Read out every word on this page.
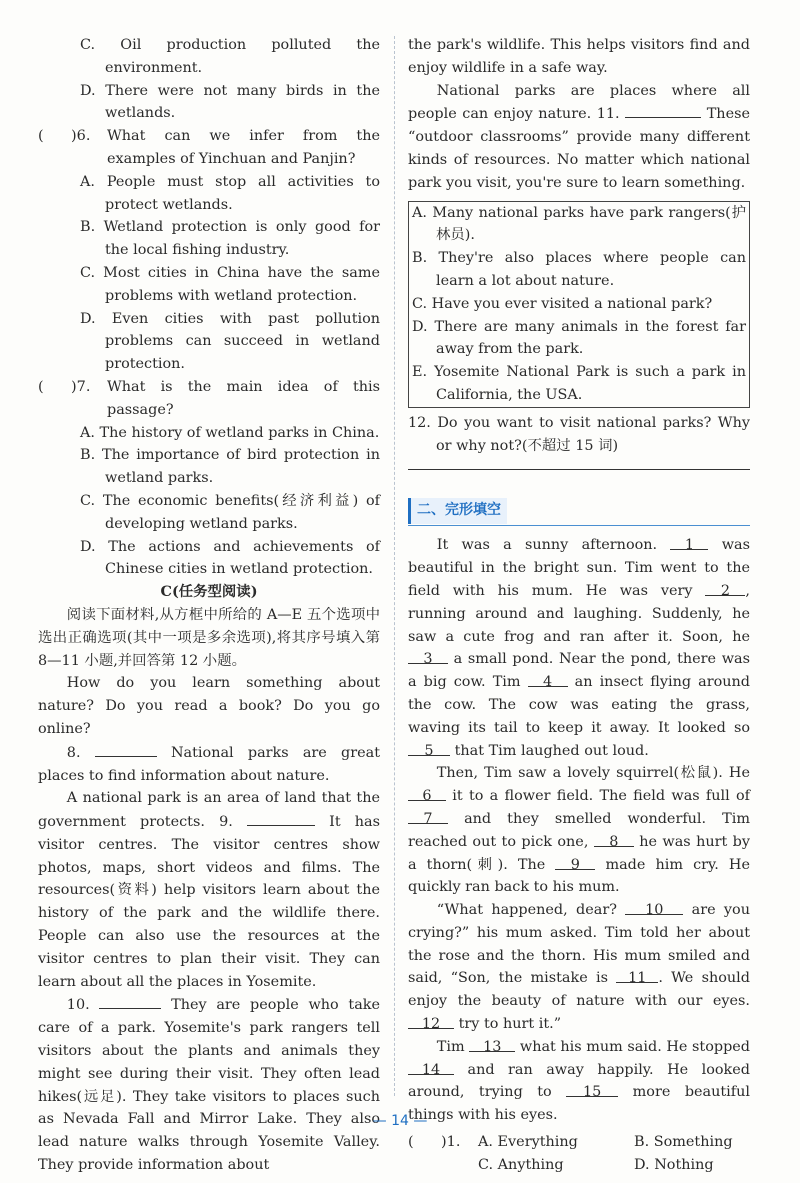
C. Oil production polluted the environment.
D. There were not many birds in the wetlands.
(      )6.	What can we infer from the examples of Yinchuan and Panjin?
A. People must stop all activities to protect wetlands.
B. Wetland protection is only good for the local fishing industry.
C. Most cities in China have the same problems with wetland protection.
D. Even cities with past pollution problems can succeed in wetland protection.
(      )7.	What is the main idea of this passage?
A. The history of wetland parks in China.
B. The importance of bird protection in wetland parks.
C. The economic benefits(经济利益) of developing wetland parks.
D. The actions and achievements of Chinese cities in wetland protection.
C(任务型阅读)
阅读下面材料,从方框中所给的 A—E 五个选项中选出正确选项(其中一项是多余选项),将其序号填入第 8—11 小题,并回答第 12 小题。
How do you learn something about nature? Do you read a book? Do you go online?
8.	National parks are great places to find information about nature.
A national park is an area of land that the government protects. 9.	It has visitor centres. The visitor centres show photos, maps, short videos and films. The resources(资料) help visitors learn about the history of the park and the wildlife there. People can also use the resources at the visitor centres to plan their visit. They can learn about all the places in Yosemite.
10.	They are people who take care of a park. Yosemite's park rangers tell visitors about the plants and animals they might see during their visit. They often lead hikes(远足). They take visitors to places such as Nevada Fall and Mirror Lake. They also lead nature walks through Yosemite Valley. They provide information about
the park's wildlife. This helps visitors find and enjoy wildlife in a safe way.
National parks are places where all people can enjoy nature. 11.	These “outdoor classrooms” provide many different kinds of resources. No matter which national park you visit, you're sure to learn something.
A. Many national parks have park rangers(护林员).
B. They're also places where people can learn a lot about nature.
C. Have you ever visited a national park?
D. There are many animals in the forest far away from the park.
E. Yosemite National Park is such a park in California, the USA.
12. Do you want to visit national parks? Why or why not?(不超过 15 词)
二、完形填空
It was a sunny afternoon. 1 was beautiful in the bright sun. Tim went to the field with his mum. He was very 2 , running around and laughing. Suddenly, he saw a cute frog and ran after it. Soon, he 3 a small pond. Near the pond, there was a big cow. Tim 4 an insect flying around the cow. The cow was eating the grass, waving its tail to keep it away. It looked so 5 that Tim laughed out loud.
Then, Tim saw a lovely squirrel(松鼠). He 6 it to a flower field. The field was full of 7 and they smelled wonderful. Tim reached out to pick one, 8 he was hurt by a thorn(刺). The 9 made him cry. He quickly ran back to his mum.
“What happened, dear? 10 are you crying?” his mum asked. Tim told her about the rose and the thorn. His mum smiled and said, “Son, the mistake is 11 . We should enjoy the beauty of nature with our eyes. 12 try to hurt it.”
Tim 13 what his mum said. He stopped 14 and ran away happily. He looked around, trying to 15 more beautiful things with his eyes.
(      )1.	A. Everything	B. Something
C. Anything	D. Nothing
— 14 —
